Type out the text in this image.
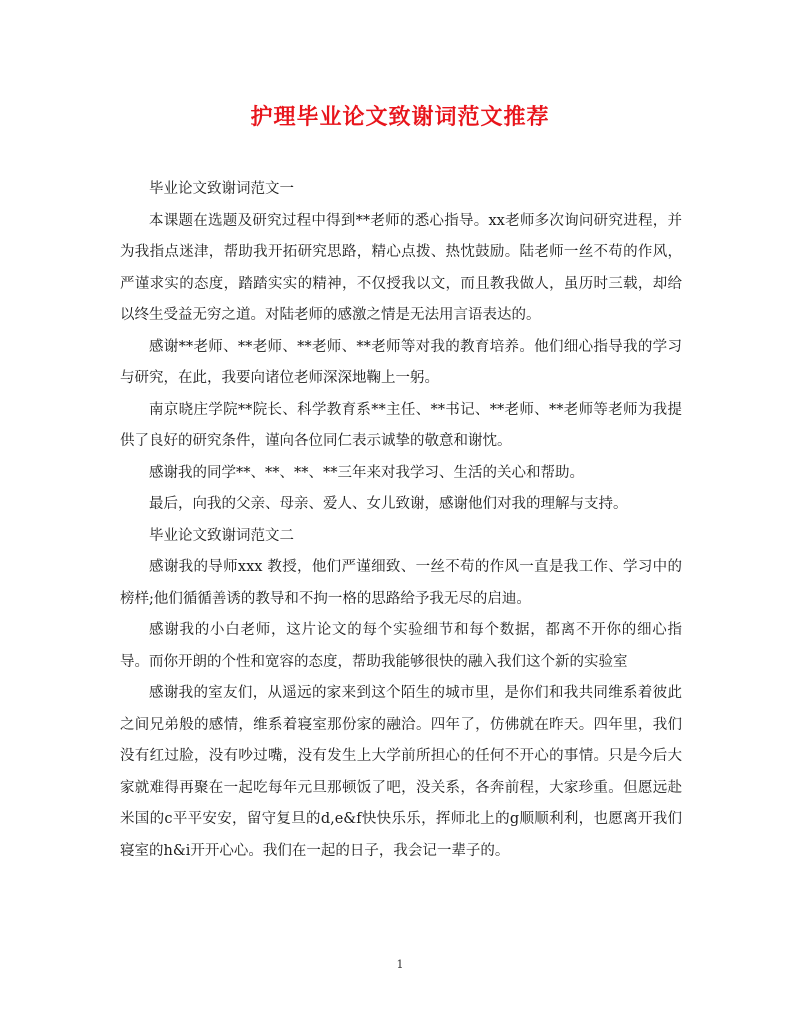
护理毕业论文致谢词范文推荐

毕业论文致谢词范文一

本课题在选题及研究过程中得到**老师的悉心指导。xx老师多次询问研究进程，并为我指点迷津，帮助我开拓研究思路，精心点拨、热忱鼓励。陆老师一丝不苟的作风，严谨求实的态度，踏踏实实的精神，不仅授我以文，而且教我做人，虽历时三载，却给以终生受益无穷之道。对陆老师的感激之情是无法用言语表达的。

感谢**老师、**老师、**老师、**老师等对我的教育培养。他们细心指导我的学习与研究，在此，我要向诸位老师深深地鞠上一躬。

南京晓庄学院**院长、科学教育系**主任、**书记、**老师、**老师等老师为我提供了良好的研究条件，谨向各位同仁表示诚挚的敬意和谢忱。

感谢我的同学**、**、**、**三年来对我学习、生活的关心和帮助。

最后，向我的父亲、母亲、爱人、女儿致谢，感谢他们对我的理解与支持。

毕业论文致谢词范文二

感谢我的导师xxx 教授，他们严谨细致、一丝不苟的作风一直是我工作、学习中的榜样;他们循循善诱的教导和不拘一格的思路给予我无尽的启迪。

感谢我的小白老师，这片论文的每个实验细节和每个数据，都离不开你的细心指导。而你开朗的个性和宽容的态度，帮助我能够很快的融入我们这个新的实验室

感谢我的室友们，从遥远的家来到这个陌生的城市里，是你们和我共同维系着彼此之间兄弟般的感情，维系着寝室那份家的融洽。四年了，仿佛就在昨天。四年里，我们没有红过脸，没有吵过嘴，没有发生上大学前所担心的任何不开心的事情。只是今后大家就难得再聚在一起吃每年元旦那顿饭了吧，没关系，各奔前程，大家珍重。但愿远赴米国的c平平安安，留守复旦的d,e&f快快乐乐，挥师北上的g顺顺利利，也愿离开我们寝室的h&i开开心心。我们在一起的日子，我会记一辈子的。

1
